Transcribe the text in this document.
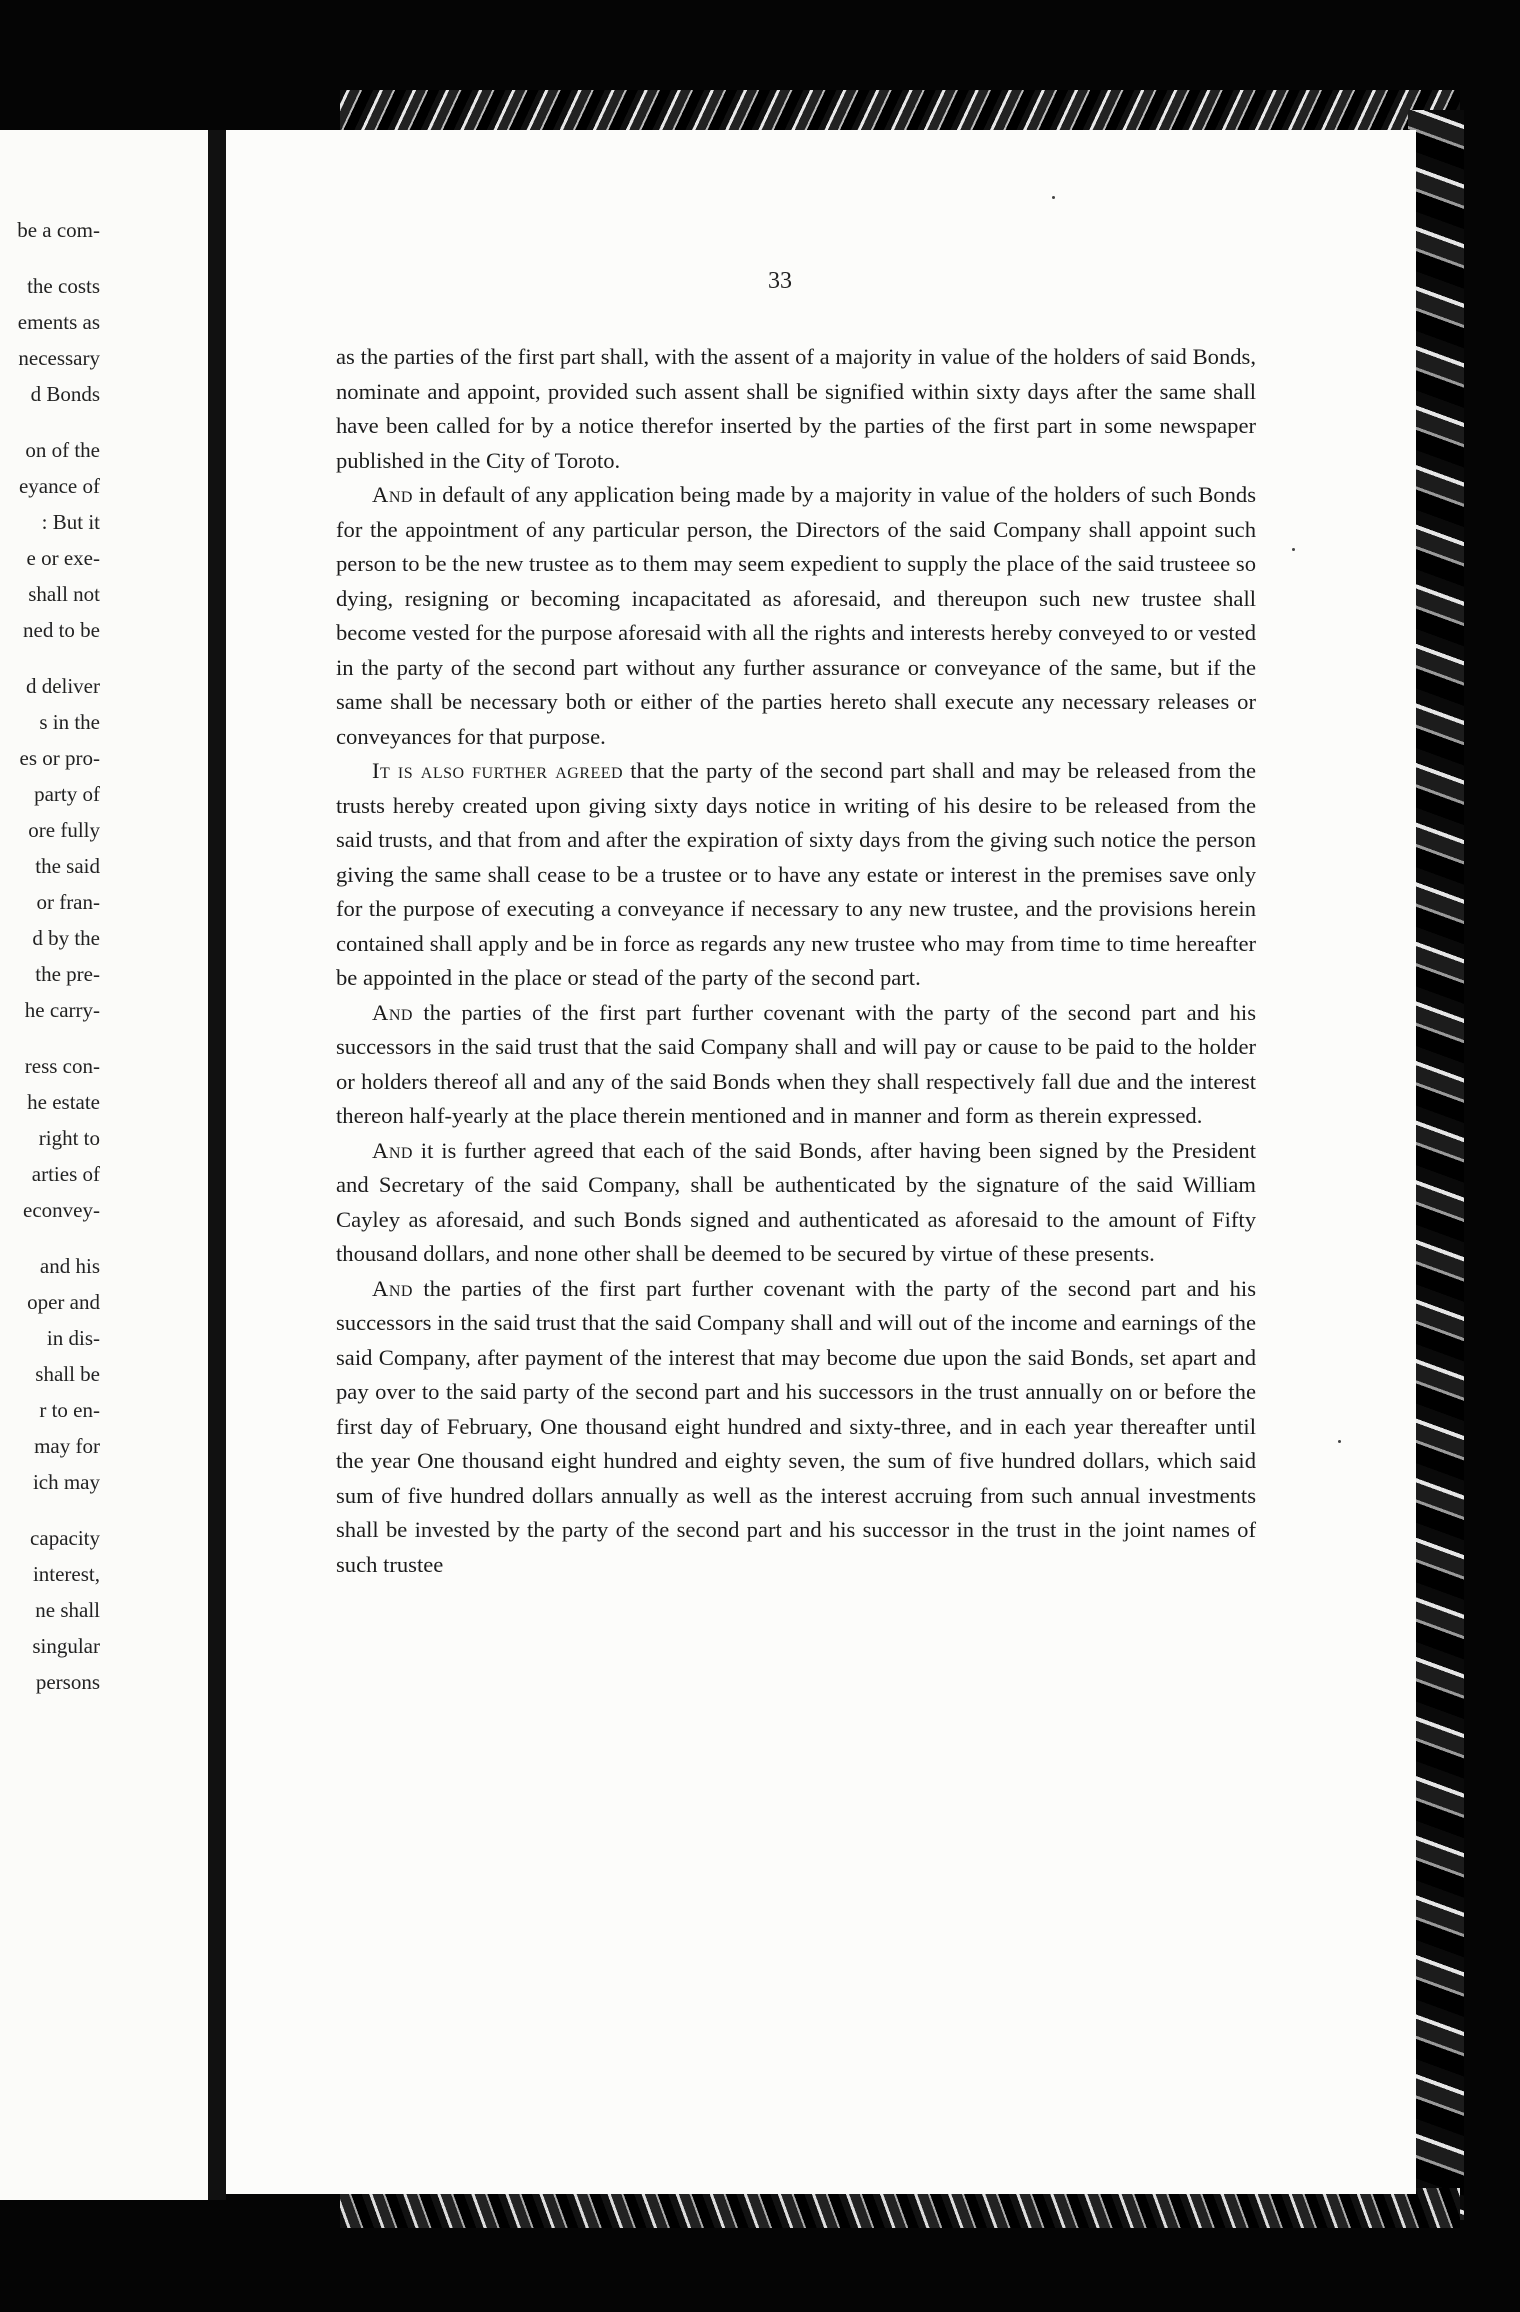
be a com-
the costs
ements as
necessary
d Bonds
on of the
eyance of
: But it
e or exe-
shall not
ned to be
d deliver
s in the
es or pro-
party of
ore fully
the said
or fran-
d by the
the pre-
he carry-
ress con-
he estate
right to
arties of
econvey-
and his
oper and
in dis-
shall be
r to en-
may for
ich may
capacity
interest,
ne shall
singular
persons
33

as the parties of the first part shall, with the assent of a majority in value of the holders of said Bonds, nominate and appoint, provided such assent shall be signified within sixty days after the same shall have been called for by a notice therefor inserted by the parties of the first part in some newspaper published in the City of Toroto.

And in default of any application being made by a majority in value of the holders of such Bonds for the appointment of any particular person, the Directors of the said Company shall appoint such person to be the new trustee as to them may seem expedient to supply the place of the said trusteee so dying, resigning or becoming incapacitated as aforesaid, and thereupon such new trustee shall become vested for the purpose aforesaid with all the rights and interests hereby conveyed to or vested in the party of the second part without any further assurance or conveyance of the same, but if the same shall be necessary both or either of the parties hereto shall execute any necessary releases or conveyances for that purpose.

It is also further agreed that the party of the second part shall and may be released from the trusts hereby created upon giving sixty days notice in writing of his desire to be released from the said trusts, and that from and after the expiration of sixty days from the giving such notice the person giving the same shall cease to be a trustee or to have any estate or interest in the premises save only for the purpose of executing a conveyance if necessary to any new trustee, and the provisions herein contained shall apply and be in force as regards any new trustee who may from time to time hereafter be appointed in the place or stead of the party of the second part.

And the parties of the first part further covenant with the party of the second part and his successors in the said trust that the said Company shall and will pay or cause to be paid to the holder or holders thereof all and any of the said Bonds when they shall respectively fall due and the interest thereon half-yearly at the place therein mentioned and in manner and form as therein expressed.

And it is further agreed that each of the said Bonds, after having been signed by the President and Secretary of the said Company, shall be authenticated by the signature of the said William Cayley as aforesaid, and such Bonds signed and authenticated as aforesaid to the amount of Fifty thousand dollars, and none other shall be deemed to be secured by virtue of these presents.

And the parties of the first part further covenant with the party of the second part and his successors in the said trust that the said Company shall and will out of the income and earnings of the said Company, after payment of the interest that may become due upon the said Bonds, set apart and pay over to the said party of the second part and his successors in the trust annually on or before the first day of February, One thousand eight hundred and sixty-three, and in each year thereafter until the year One thousand eight hundred and eighty seven, the sum of five hundred dollars, which said sum of five hundred dollars annually as well as the interest accruing from such annual investments shall be invested by the party of the second part and his successor in the trust in the joint names of such trustee
